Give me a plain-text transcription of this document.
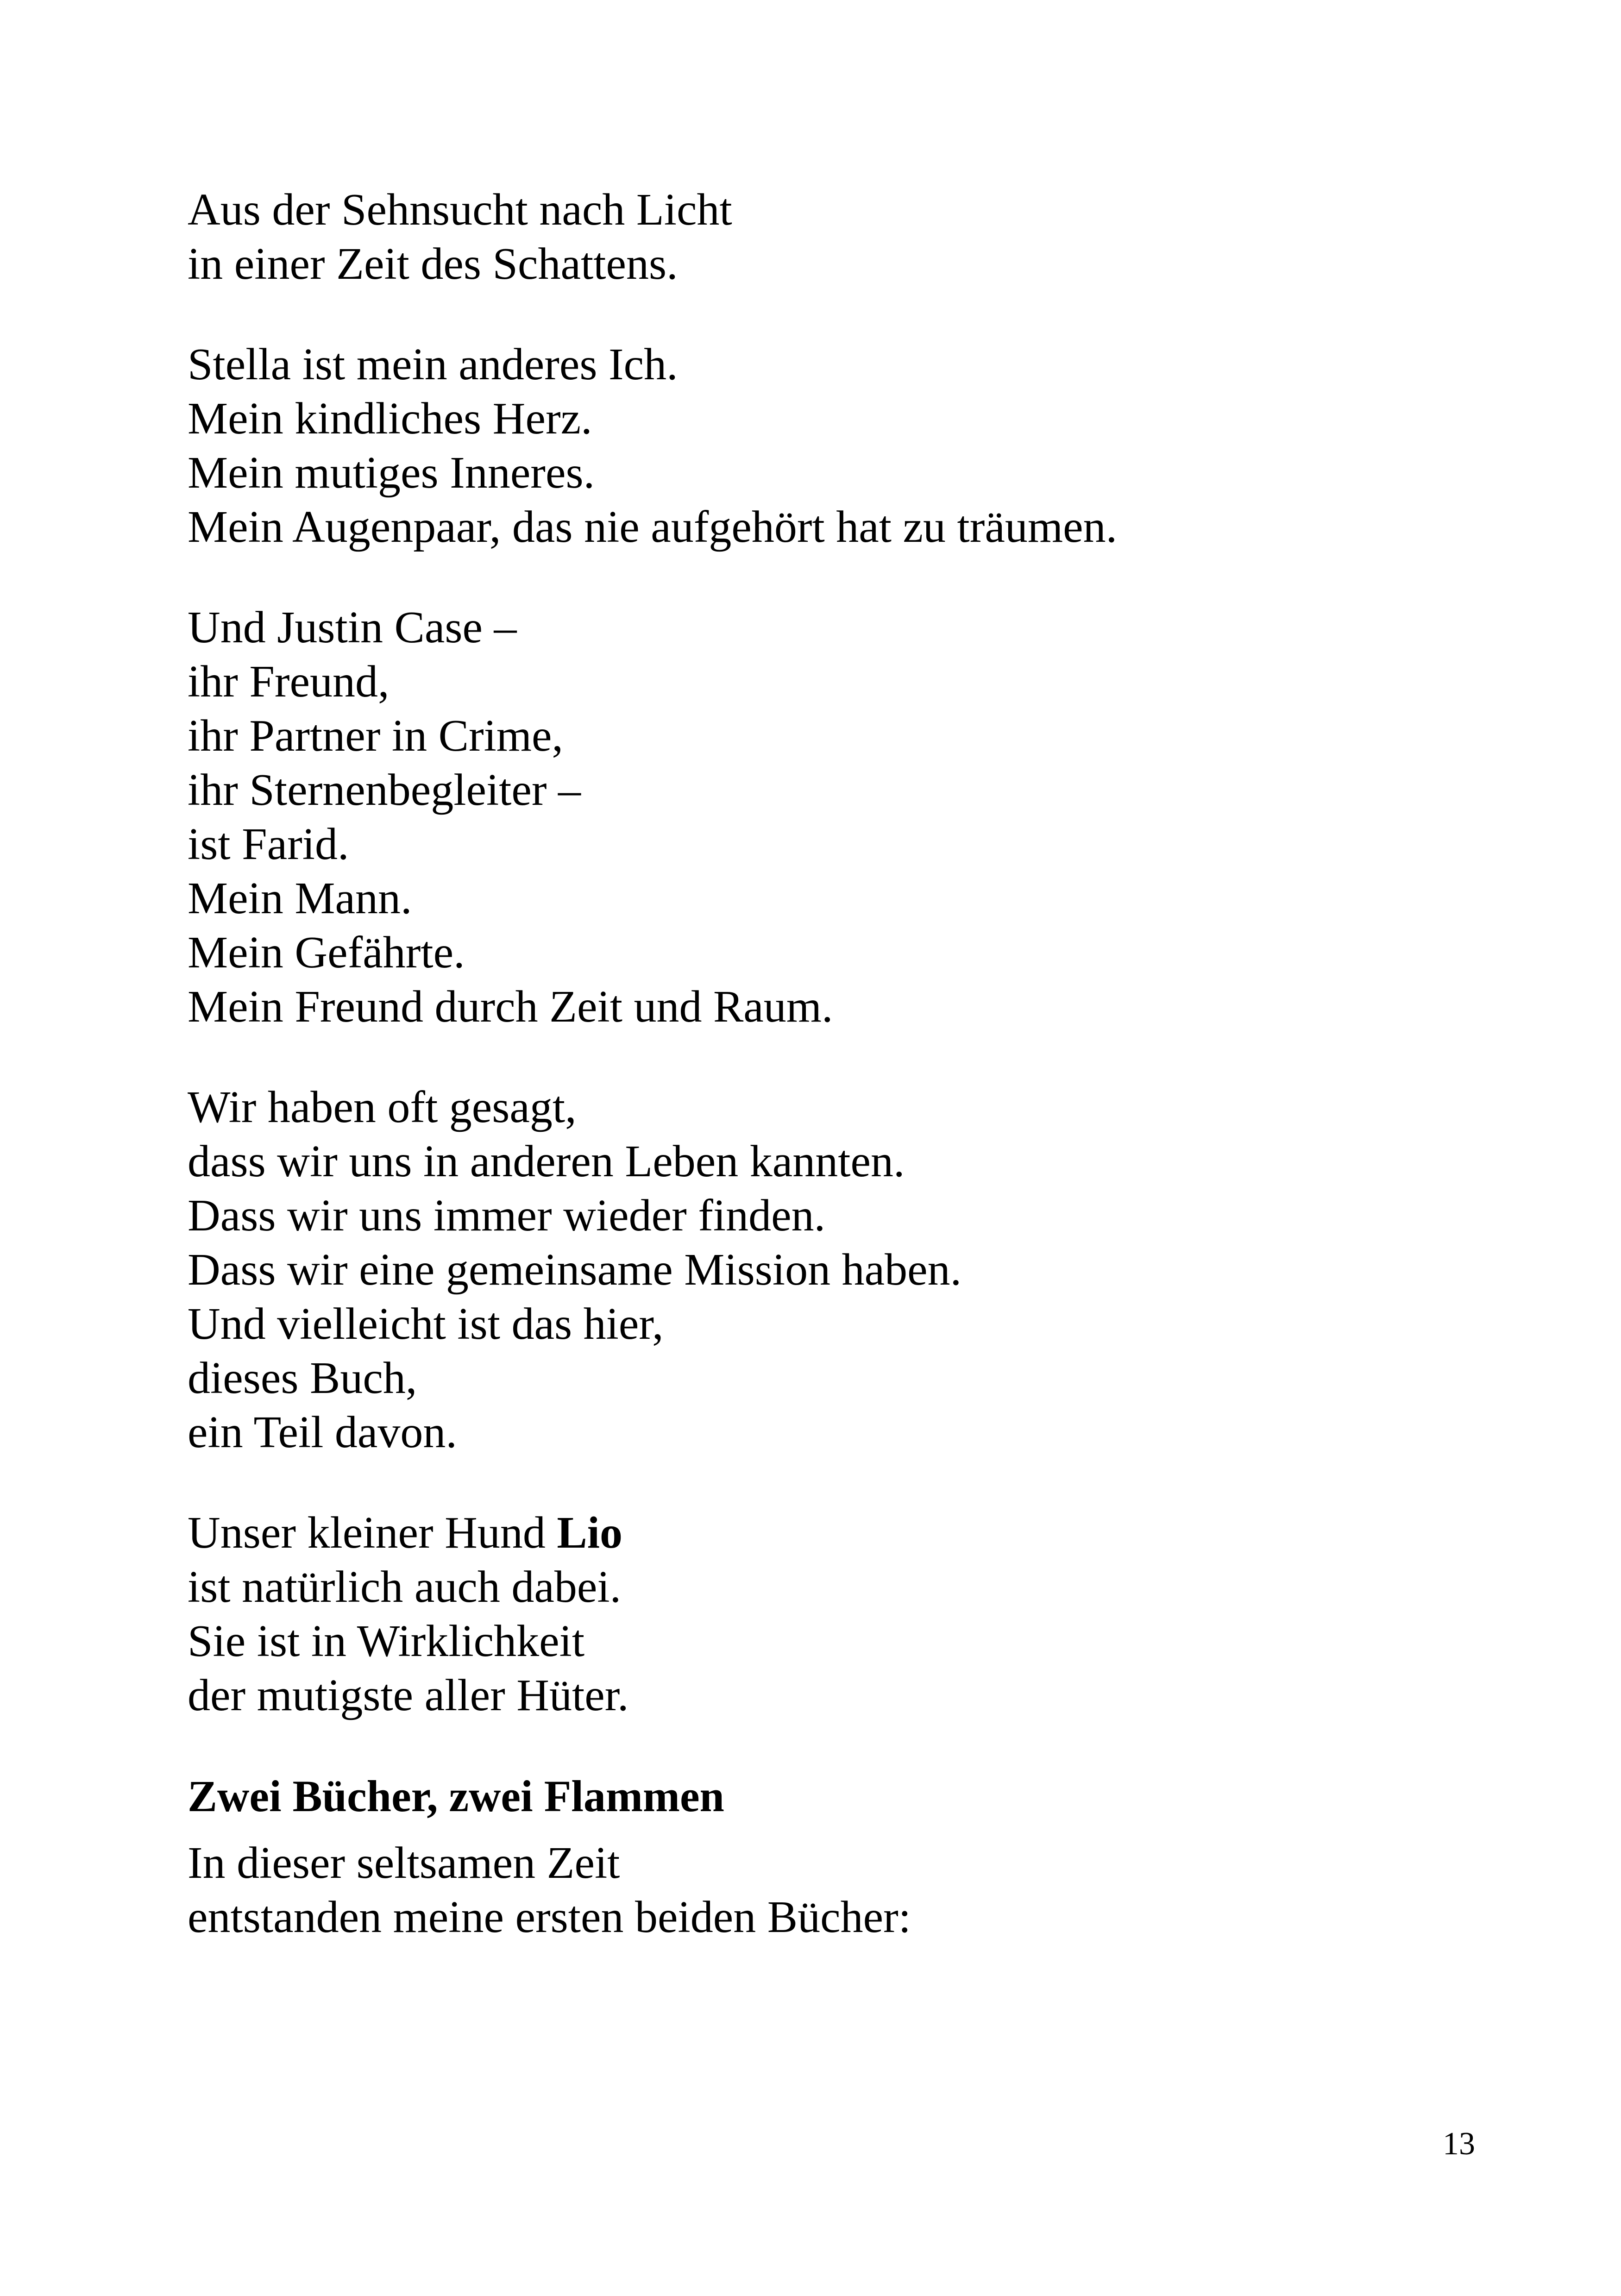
Aus der Sehnsucht nach Licht
in einer Zeit des Schattens.
Stella ist mein anderes Ich.
Mein kindliches Herz.
Mein mutiges Inneres.
Mein Augenpaar, das nie aufgehört hat zu träumen.
Und Justin Case –
ihr Freund,
ihr Partner in Crime,
ihr Sternenbegleiter –
ist Farid.
Mein Mann.
Mein Gefährte.
Mein Freund durch Zeit und Raum.
Wir haben oft gesagt,
dass wir uns in anderen Leben kannten.
Dass wir uns immer wieder finden.
Dass wir eine gemeinsame Mission haben.
Und vielleicht ist das hier,
dieses Buch,
ein Teil davon.
Unser kleiner Hund Lio
ist natürlich auch dabei.
Sie ist in Wirklichkeit
der mutigste aller Hüter.
Zwei Bücher, zwei Flammen
In dieser seltsamen Zeit
entstanden meine ersten beiden Bücher:
13
